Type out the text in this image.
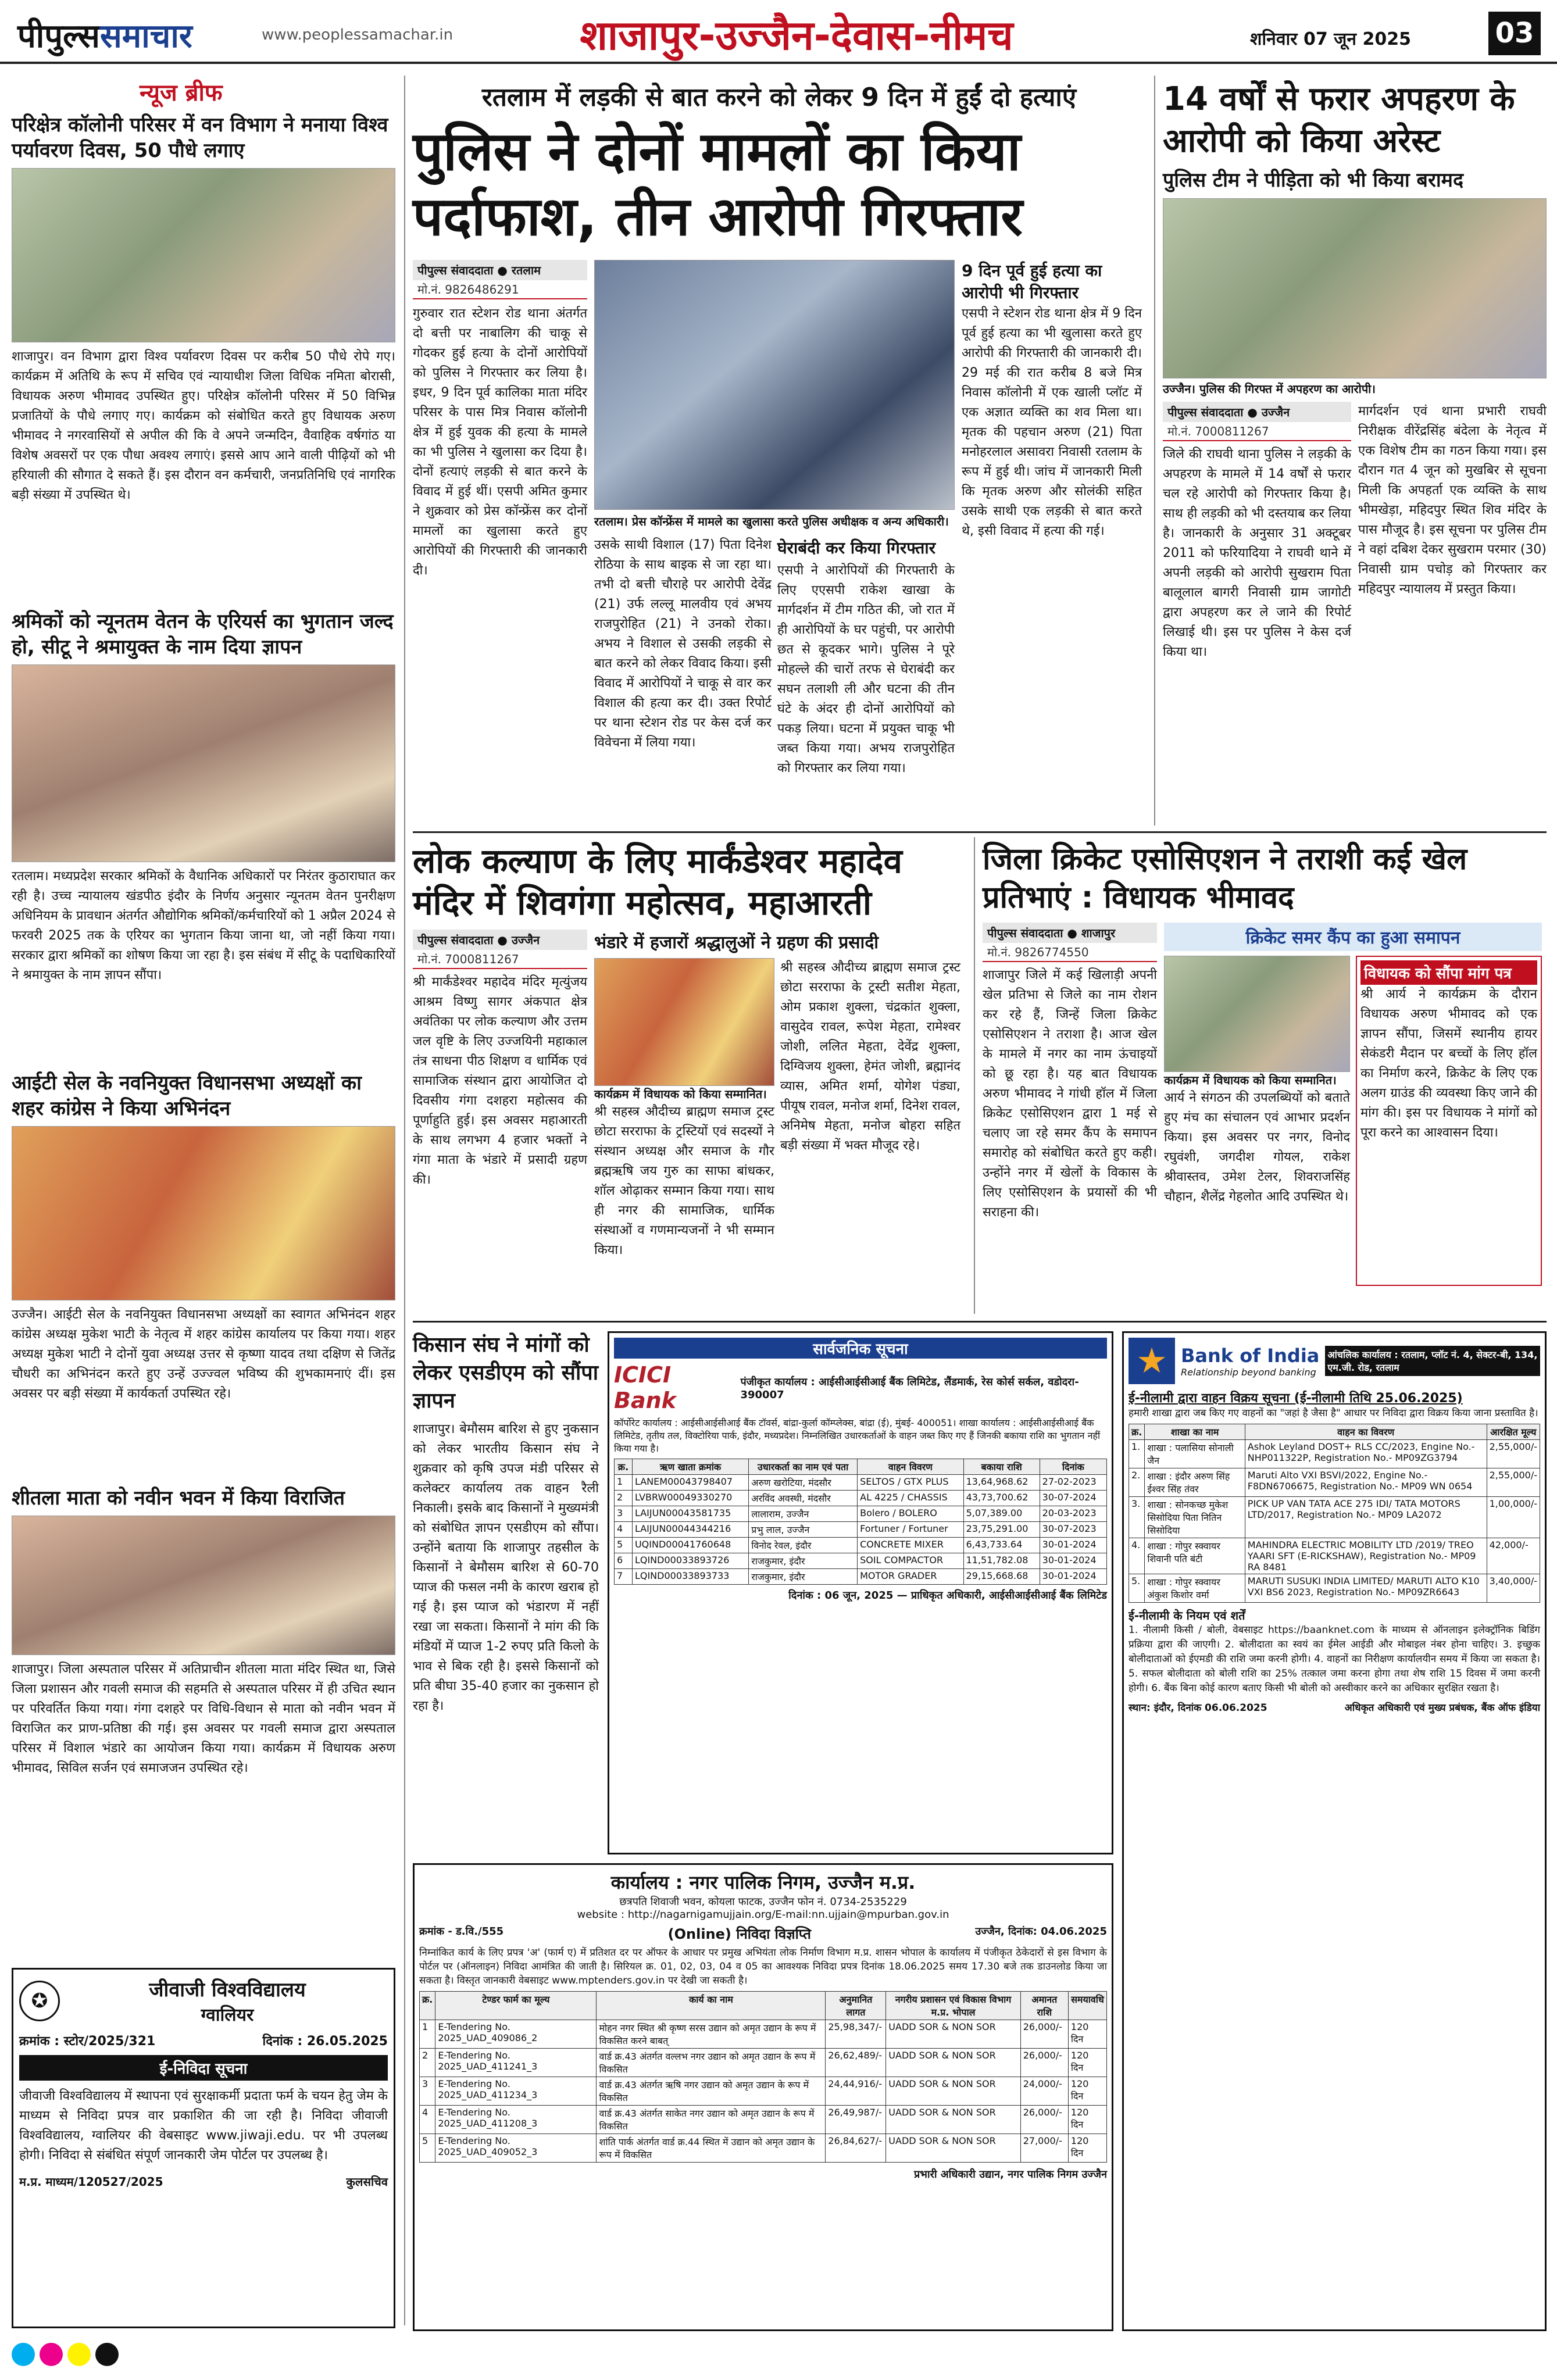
पीपुल्ससमाचार	www.peoplessamachar.in	शाजापुर-उज्जैन-देवास-नीमच	शनिवार 07 जून 2025	03
न्यूज ब्रीफ
परिक्षेत्र कॉलोनी परिसर में वन विभाग ने मनाया विश्व पर्यावरण दिवस, 50 पौधे लगाए
शाजापुर। वन विभाग द्वारा विश्व पर्यावरण दिवस पर करीब 50 पौधे रोपे गए। कार्यक्रम में अतिथि के रूप में सचिव एवं न्यायाधीश जिला विधिक नमिता बोरासी, विधायक अरुण भीमावद उपस्थित हुए। परिक्षेत्र कॉलोनी परिसर में 50 विभिन्न प्रजातियों के पौधे लगाए गए। कार्यक्रम को संबोधित करते हुए विधायक अरुण भीमावद ने नगरवासियों से अपील की कि वे अपने जन्मदिन, वैवाहिक वर्षगांठ या विशेष अवसरों पर एक पौधा अवश्य लगाएं। इससे आप आने वाली पीढ़ियों को भी हरियाली की सौगात दे सकते हैं। इस दौरान वन कर्मचारी, जनप्रतिनिधि एवं नागरिक बड़ी संख्या में उपस्थित थे।
श्रमिकों को न्यूनतम वेतन के एरियर्स का भुगतान जल्द हो, सीटू ने श्रमायुक्त के नाम दिया ज्ञापन
रतलाम। मध्यप्रदेश सरकार श्रमिकों के वैधानिक अधिकारों पर निरंतर कुठाराघात कर रही है। उच्च न्यायालय खंडपीठ इंदौर के निर्णय अनुसार न्यूनतम वेतन पुनरीक्षण अधिनियम के प्रावधान अंतर्गत औद्योगिक श्रमिकों/कर्मचारियों को 1 अप्रैल 2024 से फरवरी 2025 तक के एरियर का भुगतान किया जाना था, जो नहीं किया गया। सरकार द्वारा श्रमिकों का शोषण किया जा रहा है। इस संबंध में सीटू के पदाधिकारियों ने श्रमायुक्त के नाम ज्ञापन सौंपा।
आईटी सेल के नवनियुक्त विधानसभा अध्यक्षों का शहर कांग्रेस ने किया अभिनंदन
उज्जैन। आईटी सेल के नवनियुक्त विधानसभा अध्यक्षों का स्वागत अभिनंदन शहर कांग्रेस अध्यक्ष मुकेश भाटी के नेतृत्व में शहर कांग्रेस कार्यालय पर किया गया। शहर अध्यक्ष मुकेश भाटी ने दोनों युवा अध्यक्ष उत्तर से कृष्णा यादव तथा दक्षिण से जितेंद्र चौधरी का अभिनंदन करते हुए उन्हें उज्ज्वल भविष्य की शुभकामनाएं दीं। इस अवसर पर बड़ी संख्या में कार्यकर्ता उपस्थित रहे।
शीतला माता को नवीन भवन में किया विराजित
शाजापुर। जिला अस्पताल परिसर में अतिप्राचीन शीतला माता मंदिर स्थित था, जिसे जिला प्रशासन और गवली समाज की सहमति से अस्पताल परिसर में ही उचित स्थान पर परिवर्तित किया गया। गंगा दशहरे पर विधि-विधान से माता को नवीन भवन में विराजित कर प्राण-प्रतिष्ठा की गई। इस अवसर पर गवली समाज द्वारा अस्पताल परिसर में विशाल भंडारे का आयोजन किया गया। कार्यक्रम में विधायक अरुण भीमावद, सिविल सर्जन एवं समाजजन उपस्थित रहे।
✪	जीवाजी विश्वविद्यालय
ग्वालियर
क्रमांक : स्टोर/2025/321	दिनांक : 26.05.2025
ई-निविदा सूचना
जीवाजी विश्वविद्यालय में स्थापना एवं सुरक्षाकर्मी प्रदाता फर्म के चयन हेतु जेम के माध्यम से निविदा प्रपत्र वार प्रकाशित की जा रही है। निविदा जीवाजी विश्वविद्यालय, ग्वालियर की वेबसाइट www.jiwaji.edu. पर भी उपलब्ध होगी। निविदा से संबंधित संपूर्ण जानकारी जेम पोर्टल पर उपलब्ध है।
म.प्र. माध्यम/120527/2025	कुलसचिव
रतलाम में लड़की से बात करने को लेकर 9 दिन में हुईं दो हत्याएं
पुलिस ने दोनों मामलों का किया पर्दाफाश, तीन आरोपी गिरफ्तार
पीपुल्स संवाददाता ● रतलाम
मो.नं. 9826486291
गुरुवार रात स्टेशन रोड थाना अंतर्गत दो बत्ती पर नाबालिग की चाकू से गोदकर हुई हत्या के दोनों आरोपियों को पुलिस ने गिरफ्तार कर लिया है। इधर, 9 दिन पूर्व कालिका माता मंदिर परिसर के पास मित्र निवास कॉलोनी क्षेत्र में हुई युवक की हत्या के मामले का भी पुलिस ने खुलासा कर दिया है। दोनों हत्याएं लड़की से बात करने के विवाद में हुई थीं। एसपी अमित कुमार ने शुक्रवार को प्रेस कॉन्फ्रेंस कर दोनों मामलों का खुलासा करते हुए आरोपियों की गिरफ्तारी की जानकारी दी।
रतलाम। प्रेस कॉन्फ्रेंस में मामले का खुलासा करते पुलिस अधीक्षक व अन्य अधिकारी।
उसके साथी विशाल (17) पिता दिनेश रोठिया के साथ बाइक से जा रहा था। तभी दो बत्ती चौराहे पर आरोपी देवेंद्र (21) उर्फ लल्लू मालवीय एवं अभय राजपुरोहित (21) ने उनको रोका। अभय ने विशाल से उसकी लड़की से बात करने को लेकर विवाद किया। इसी विवाद में आरोपियों ने चाकू से वार कर विशाल की हत्या कर दी। उक्त रिपोर्ट पर थाना स्टेशन रोड पर केस दर्ज कर विवेचना में लिया गया।
घेराबंदी कर किया गिरफ्तार
एसपी ने आरोपियों की गिरफ्तारी के लिए एएसपी राकेश खाखा के मार्गदर्शन में टीम गठित की, जो रात में ही आरोपियों के घर पहुंची, पर आरोपी छत से कूदकर भागे। पुलिस ने पूरे मोहल्ले की चारों तरफ से घेराबंदी कर सघन तलाशी ली और घटना की तीन घंटे के अंदर ही दोनों आरोपियों को पकड़ लिया। घटना में प्रयुक्त चाकू भी जब्त किया गया। अभय राजपुरोहित को गिरफ्तार कर लिया गया।
9 दिन पूर्व हुई हत्या का आरोपी भी गिरफ्तार
एसपी ने स्टेशन रोड थाना क्षेत्र में 9 दिन पूर्व हुई हत्या का भी खुलासा करते हुए आरोपी की गिरफ्तारी की जानकारी दी। 29 मई की रात करीब 8 बजे मित्र निवास कॉलोनी में एक खाली प्लॉट में एक अज्ञात व्यक्ति का शव मिला था। मृतक की पहचान अरुण (21) पिता मनोहरलाल असावरा निवासी रतलाम के रूप में हुई थी। जांच में जानकारी मिली कि मृतक अरुण और सोलंकी सहित उसके साथी एक लड़की से बात करते थे, इसी विवाद में हत्या की गई।
14 वर्षों से फरार अपहरण के आरोपी को किया अरेस्ट
पुलिस टीम ने पीड़िता को भी किया बरामद
उज्जैन। पुलिस की गिरफ्त में अपहरण का आरोपी।
पीपुल्स संवाददाता ● उज्जैन
मो.नं. 7000811267
जिले की राघवी थाना पुलिस ने लड़की के अपहरण के मामले में 14 वर्षों से फरार चल रहे आरोपी को गिरफ्तार किया है। साथ ही लड़की को भी दस्तयाब कर लिया है। जानकारी के अनुसार 31 अक्टूबर 2011 को फरियादिया ने राघवी थाने में अपनी लड़की को आरोपी सुखराम पिता बालूलाल बागरी निवासी ग्राम जागोटी द्वारा अपहरण कर ले जाने की रिपोर्ट लिखाई थी। इस पर पुलिस ने केस दर्ज किया था।
मार्गदर्शन एवं थाना प्रभारी राघवी निरीक्षक वीरेंद्रसिंह बंदेला के नेतृत्व में एक विशेष टीम का गठन किया गया। इस दौरान गत 4 जून को मुखबिर से सूचना मिली कि अपहर्ता एक व्यक्ति के साथ भीमखेड़ा, महिदपुर स्थित शिव मंदिर के पास मौजूद है। इस सूचना पर पुलिस टीम ने वहां दबिश देकर सुखराम परमार (30) निवासी ग्राम पचोड़ को गिरफ्तार कर महिदपुर न्यायालय में प्रस्तुत किया।
लोक कल्याण के लिए मार्कंडेश्वर महादेव मंदिर में शिवगंगा महोत्सव, महाआरती
पीपुल्स संवाददाता ● उज्जैन
मो.नं. 7000811267
श्री मार्कंडेश्वर महादेव मंदिर मृत्युंजय आश्रम विष्णु सागर अंकपात क्षेत्र अवंतिका पर लोक कल्याण और उत्तम जल वृष्टि के लिए उज्जयिनी महाकाल तंत्र साधना पीठ शिक्षण व धार्मिक एवं सामाजिक संस्थान द्वारा आयोजित दो दिवसीय गंगा दशहरा महोत्सव की पूर्णाहुति हुई। इस अवसर महाआरती के साथ लगभग 4 हजार भक्तों ने गंगा माता के भंडारे में प्रसादी ग्रहण की।
भंडारे में हजारों श्रद्धालुओं ने ग्रहण की प्रसादी
कार्यक्रम में विधायक को किया सम्मानित।
श्री सहस्त्र औदीच्य ब्राह्मण समाज ट्रस्ट छोटा सरराफा के ट्रस्टियों एवं सदस्यों ने संस्थान अध्यक्ष और समाज के गौर ब्रह्मऋषि जय गुरु का साफा बांधकर, शॉल ओढ़ाकर सम्मान किया गया। साथ ही नगर की सामाजिक, धार्मिक संस्थाओं व गणमान्यजनों ने भी सम्मान किया।
श्री सहस्त्र औदीच्य ब्राह्मण समाज ट्रस्ट छोटा सरराफा के ट्रस्टी सतीश मेहता, ओम प्रकाश शुक्ला, चंद्रकांत शुक्ला, वासुदेव रावल, रूपेश मेहता, रामेश्वर जोशी, ललित मेहता, देवेंद्र शुक्ला, दिग्विजय शुक्ला, हेमंत जोशी, ब्रह्मानंद व्यास, अमित शर्मा, योगेश पंड्या, पीयूष रावल, मनोज शर्मा, दिनेश रावल, अनिमेष मेहता, मनोज बोहरा सहित बड़ी संख्या में भक्त मौजूद रहे।
जिला क्रिकेट एसोसिएशन ने तराशी कई खेल प्रतिभाएं : विधायक भीमावद
पीपुल्स संवाददाता ● शाजापुर
मो.नं. 9826774550
शाजापुर जिले में कई खिलाड़ी अपनी खेल प्रतिभा से जिले का नाम रोशन कर रहे हैं, जिन्हें जिला क्रिकेट एसोसिएशन ने तराशा है। आज खेल के मामले में नगर का नाम ऊंचाइयों को छू रहा है। यह बात विधायक अरुण भीमावद ने गांधी हॉल में जिला क्रिकेट एसोसिएशन द्वारा 1 मई से चलाए जा रहे समर कैंप के समापन समारोह को संबोधित करते हुए कही। उन्होंने नगर में खेलों के विकास के लिए एसोसिएशन के प्रयासों की भी सराहना की।
क्रिकेट समर कैंप का हुआ समापन
कार्यक्रम में विधायक को किया सम्मानित।
आर्य ने संगठन की उपलब्धियों को बताते हुए मंच का संचालन एवं आभार प्रदर्शन किया। इस अवसर पर नगर, विनोद रघुवंशी, जगदीश गोयल, राकेश श्रीवास्तव, उमेश टेलर, शिवराजसिंह चौहान, शैलेंद्र गेहलोत आदि उपस्थित थे।
विधायक को सौंपा मांग पत्र
श्री आर्य ने कार्यक्रम के दौरान विधायक अरुण भीमावद को एक ज्ञापन सौंपा, जिसमें स्थानीय हायर सेकंडरी मैदान पर बच्चों के लिए हॉल का निर्माण करने, क्रिकेट के लिए एक अलग ग्राउंड की व्यवस्था किए जाने की मांग की। इस पर विधायक ने मांगों को पूरा करने का आश्वासन दिया।
किसान संघ ने मांगों को लेकर एसडीएम को सौंपा ज्ञापन
शाजापुर। बेमौसम बारिश से हुए नुकसान को लेकर भारतीय किसान संघ ने शुक्रवार को कृषि उपज मंडी परिसर से कलेक्टर कार्यालय तक वाहन रैली निकाली। इसके बाद किसानों ने मुख्यमंत्री को संबोधित ज्ञापन एसडीएम को सौंपा। उन्होंने बताया कि शाजापुर तहसील के किसानों ने बेमौसम बारिश से 60-70 प्याज की फसल नमी के कारण खराब हो गई है। इस प्याज को भंडारण में नहीं रखा जा सकता। किसानों ने मांग की कि मंडियों में प्याज 1-2 रुपए प्रति किलो के भाव से बिक रही है। इससे किसानों को प्रति बीघा 35-40 हजार का नुकसान हो रहा है।
सार्वजनिक सूचना
ICICI Bank
पंजीकृत कार्यालय : आईसीआईसीआई बैंक लिमिटेड, लैंडमार्क, रेस कोर्स सर्कल, वडोदरा- 390007
कॉर्पोरेट कार्यालय : आईसीआईसीआई बैंक टॉवर्स, बांद्रा-कुर्ला कॉम्प्लेक्स, बांद्रा (ई), मुंबई- 400051। शाखा कार्यालय : आईसीआईसीआई बैंक लिमिटेड, तृतीय तल, विक्टोरिया पार्क, इंदौर, मध्यप्रदेश। निम्नलिखित उधारकर्ताओं के वाहन जब्त किए गए हैं जिनकी बकाया राशि का भुगतान नहीं किया गया है।
क्र.	ऋण खाता क्रमांक	उधारकर्ता का नाम एवं पता	वाहन विवरण	बकाया राशि	दिनांक
1	LANEM00043798407	अरुण खरोटिया, मंदसौर	SELTOS / GTX PLUS	13,64,968.62	27-02-2023
2	LVBRW00049330270	अरविंद अवस्थी, मंदसौर	AL 4225 / CHASSIS	43,73,700.62	30-07-2024
3	LAIJUN00043581735	लालाराम, उज्जैन	Bolero / BOLERO	5,07,389.00	20-03-2023
4	LAIJUN00044344216	प्रभु लाल, उज्जैन	Fortuner / Fortuner	23,75,291.00	30-07-2023
5	UQIND00041760648	विनोद रेवल, इंदौर	CONCRETE MIXER	6,43,733.64	30-01-2024
6	LQIND00033893726	राजकुमार, इंदौर	SOIL COMPACTOR	11,51,782.08	30-01-2024
7	LQIND00033893733	राजकुमार, इंदौर	MOTOR GRADER	29,15,668.68	30-01-2024
दिनांक : 06 जून, 2025 — प्राधिकृत अधिकारी, आईसीआईसीआई बैंक लिमिटेड
★ Bank of India
Relationship beyond banking
आंचलिक कार्यालय : रतलाम, प्लॉट नं. 4, सेक्टर-बी, 134, एम.जी. रोड, रतलाम
ई-नीलामी द्वारा वाहन विक्रय सूचना (ई-नीलामी तिथि 25.06.2025)
हमारी शाखा द्वारा जब किए गए वाहनों का "जहां है जैसा है" आधार पर निविदा द्वारा विक्रय किया जाना प्रस्तावित है।
क्र.	शाखा का नाम	वाहन का विवरण	आरक्षित मूल्य
1.	शाखा : पलासिया सोनाली जैन	Ashok Leyland DOST+ RLS CC/2023, Engine No.- NHP011322P, Registration No.- MP09ZG3794	2,55,000/-
2.	शाखा : इंदौर अरुण सिंह ईश्वर सिंह तंवर	Maruti Alto VXI BSVI/2022, Engine No.- F8DN6706675, Registration No.- MP09 WN 0654	2,55,000/-
3.	शाखा : सोनकच्छ मुकेश सिसोदिया पिता नितिन सिसोदिया	PICK UP VAN TATA ACE 275 IDI/ TATA MOTORS LTD/2017, Registration No.- MP09 LA2072	1,00,000/-
4.	शाखा : गोपुर स्क्वायर शिवानी पति बंटी	MAHINDRA ELECTRIC MOBILITY LTD /2019/ TREO YAARI SFT (E-RICKSHAW), Registration No.- MP09 RA 8481	42,000/-
5.	शाखा : गोपुर स्क्वायर अंकुश किशोर वर्मा	MARUTI SUSUKI INDIA LIMITED/ MARUTI ALTO K10 VXI BS6 2023, Registration No.- MP09ZR6643	3,40,000/-
ई-नीलामी के नियम एवं शर्तें
1. नीलामी किसी / बोली, वेबसाइट https://baanknet.com के माध्यम से ऑनलाइन इलेक्ट्रॉनिक बिडिंग प्रक्रिया द्वारा की जाएगी। 2. बोलीदाता का स्वयं का ईमेल आईडी और मोबाइल नंबर होना चाहिए। 3. इच्छुक बोलीदाताओं को ईएमडी की राशि जमा करनी होगी। 4. वाहनों का निरीक्षण कार्यालयीन समय में किया जा सकता है। 5. सफल बोलीदाता को बोली राशि का 25% तत्काल जमा करना होगा तथा शेष राशि 15 दिवस में जमा करनी होगी। 6. बैंक बिना कोई कारण बताए किसी भी बोली को अस्वीकार करने का अधिकार सुरक्षित रखता है।
स्थान: इंदौर, दिनांक 06.06.2025	अधिकृत अधिकारी एवं मुख्य प्रबंधक, बैंक ऑफ इंडिया
कार्यालय : नगर पालिक निगम, उज्जैन म.प्र.
छत्रपति शिवाजी भवन, कोयला फाटक, उज्जैन फोन नं. 0734-2535229
website : http://nagarnigamujjain.org/E-mail:nn.ujjain@mpurban.gov.in
क्रमांक - ड.वि./555	(Online) निविदा विज्ञप्ति	उज्जैन, दिनांक: 04.06.2025
निम्नांकित कार्य के लिए प्रपत्र 'अ' (फार्म ए) में प्रतिशत दर पर ऑफर के आधार पर प्रमुख अभियंता लोक निर्माण विभाग म.प्र. शासन भोपाल के कार्यालय में पंजीकृत ठेकेदारों से इस विभाग के पोर्टल पर (ऑनलाइन) निविदा आमंत्रित की जाती है। सिरियल क्र. 01, 02, 03, 04 व 05 का आवश्यक निविदा प्रपत्र दिनांक 18.06.2025 समय 17.30 बजे तक डाउनलोड किया जा सकता है। विस्तृत जानकारी वेबसाइट www.mptenders.gov.in पर देखी जा सकती है।
क्र.	टेण्डर फार्म का मूल्य	कार्य का नाम	अनुमानित लागत	नगरीय प्रशासन एवं विकास विभाग म.प्र. भोपाल	अमानत राशि	समयावधि
1	E-Tendering No. 2025_UAD_409086_2	मोहन नगर स्थित श्री कृष्ण सरस उद्यान को अमृत उद्यान के रूप में विकसित करने बाबत्	25,98,347/-	UADD SOR & NON SOR	26,000/-	120 दिन
2	E-Tendering No. 2025_UAD_411241_3	वार्ड क्र.43 अंतर्गत वल्लभ नगर उद्यान को अमृत उद्यान के रूप में विकसित	26,62,489/-	UADD SOR & NON SOR	26,000/-	120 दिन
3	E-Tendering No. 2025_UAD_411234_3	वार्ड क्र.43 अंतर्गत ऋषि नगर उद्यान को अमृत उद्यान के रूप में विकसित	24,44,916/-	UADD SOR & NON SOR	24,000/-	120 दिन
4	E-Tendering No. 2025_UAD_411208_3	वार्ड क्र.43 अंतर्गत साकेत नगर उद्यान को अमृत उद्यान के रूप में विकसित	26,49,987/-	UADD SOR & NON SOR	26,000/-	120 दिन
5	E-Tendering No. 2025_UAD_409052_3	शांति पार्क अंतर्गत वार्ड क्र.44 स्थित में उद्यान को अमृत उद्यान के रूप में विकसित	26,84,627/-	UADD SOR & NON SOR	27,000/-	120 दिन
प्रभारी अधिकारी उद्यान, नगर पालिक निगम उज्जैन
